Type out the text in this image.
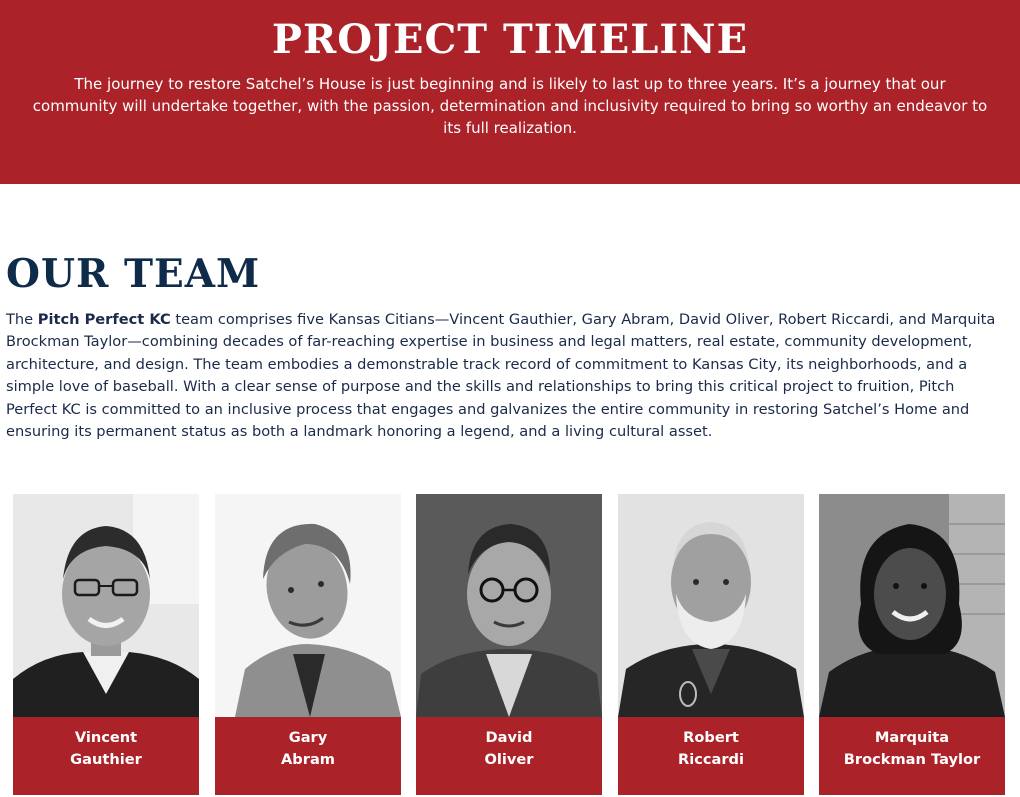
PROJECT TIMELINE

The journey to restore Satchel’s House is just beginning and is likely to last up to three years. It’s a journey that our community will undertake together, with the passion, determination and inclusivity required to bring so worthy an endeavor to its full realization.

OUR TEAM

The Pitch Perfect KC team comprises five Kansas Citians—Vincent Gauthier, Gary Abram, David Oliver, Robert Riccardi, and Marquita Brockman Taylor—combining decades of far-reaching expertise in business and legal matters, real estate, community development, architecture, and design. The team embodies a demonstrable track record of commitment to Kansas City, its neighborhoods, and a simple love of baseball. With a clear sense of purpose and the skills and relationships to bring this critical project to fruition, Pitch Perfect KC is committed to an inclusive process that engages and galvanizes the entire community in restoring Satchel’s Home and ensuring its permanent status as both a landmark honoring a legend, and a living cultural asset.

Vincent
Gauthier
Gary
Abram
David
Oliver
Robert
Riccardi
Marquita
Brockman Taylor
